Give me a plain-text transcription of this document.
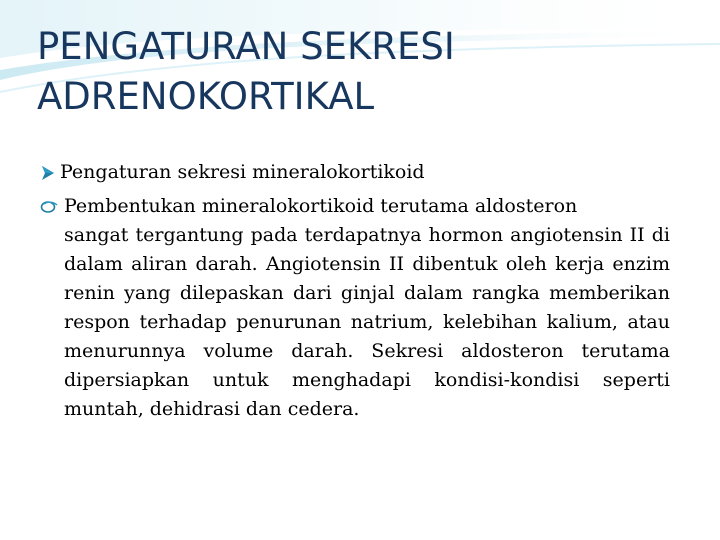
PENGATURAN SEKRESI ADRENOKORTIKAL
Pengaturan sekresi mineralokortikoid
Pembentukan mineralokortikoid terutama aldosteron
sangat tergantung pada terdapatnya hormon angiotensin II di dalam aliran darah. Angiotensin II dibentuk oleh kerja enzim renin yang dilepaskan dari ginjal dalam rangka memberikan respon terhadap penurunan natrium, kelebihan kalium, atau menurunnya volume darah. Sekresi aldosteron terutama dipersiapkan untuk menghadapi kondisi-kondisi seperti muntah, dehidrasi dan cedera.
